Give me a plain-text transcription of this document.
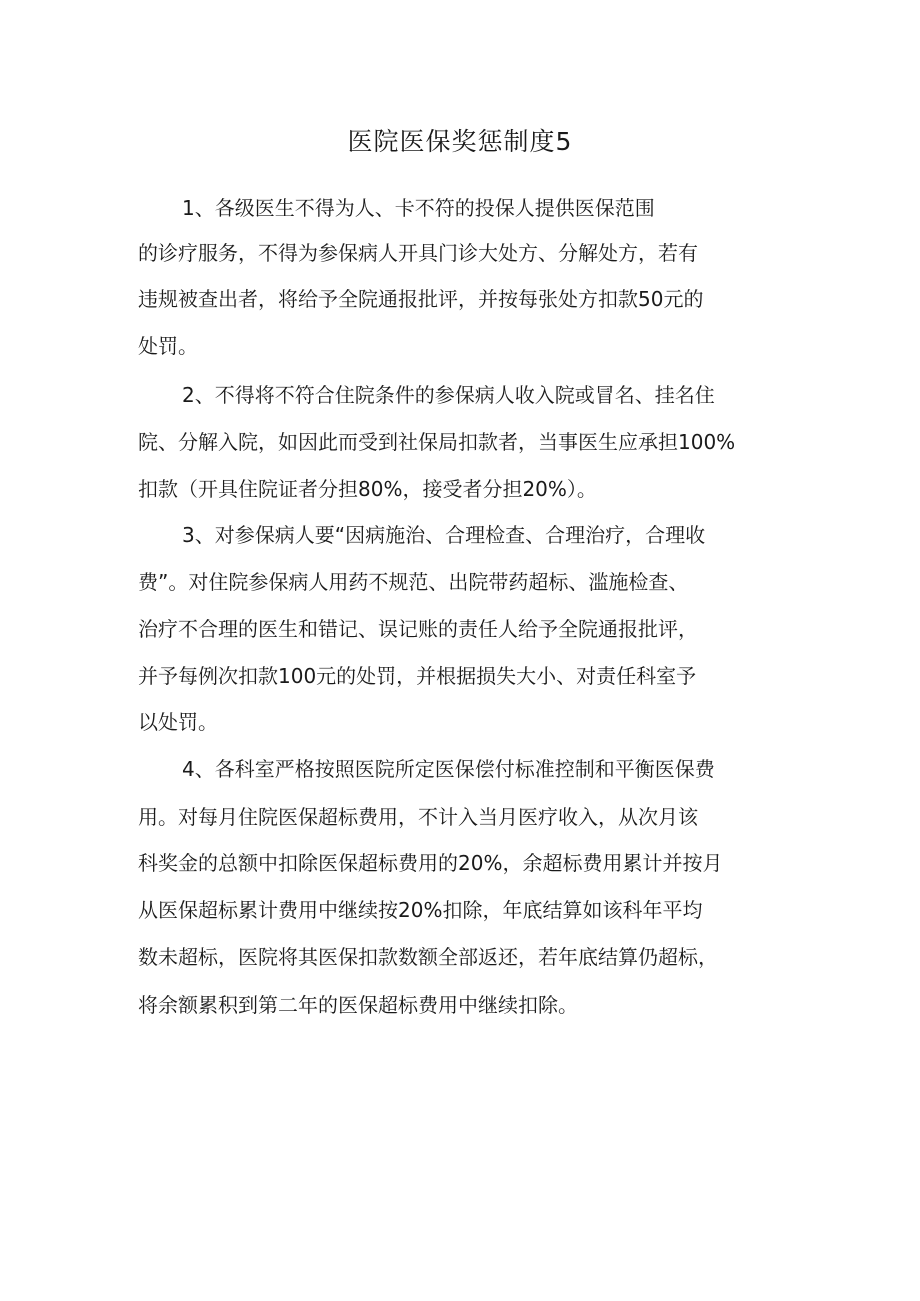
医院医保奖惩制度5
1、各级医生不得为人、卡不符的投保人提供医保范围
的诊疗服务，不得为参保病人开具门诊大处方、分解处方，若有
违规被查出者，将给予全院通报批评，并按每张处方扣款50元的
处罚。
2、不得将不符合住院条件的参保病人收入院或冒名、挂名住
院、分解入院，如因此而受到社保局扣款者，当事医生应承担100%
扣款（开具住院证者分担80%，接受者分担20%）。
3、对参保病人要“因病施治、合理检查、合理治疗，合理收
费”。对住院参保病人用药不规范、出院带药超标、滥施检查、
治疗不合理的医生和错记、误记账的责任人给予全院通报批评，
并予每例次扣款100元的处罚，并根据损失大小、对责任科室予
以处罚。
4、各科室严格按照医院所定医保偿付标准控制和平衡医保费
用。对每月住院医保超标费用，不计入当月医疗收入，从次月该
科奖金的总额中扣除医保超标费用的20%，余超标费用累计并按月
从医保超标累计费用中继续按20%扣除，年底结算如该科年平均
数未超标，医院将其医保扣款数额全部返还，若年底结算仍超标，
将余额累积到第二年的医保超标费用中继续扣除。
